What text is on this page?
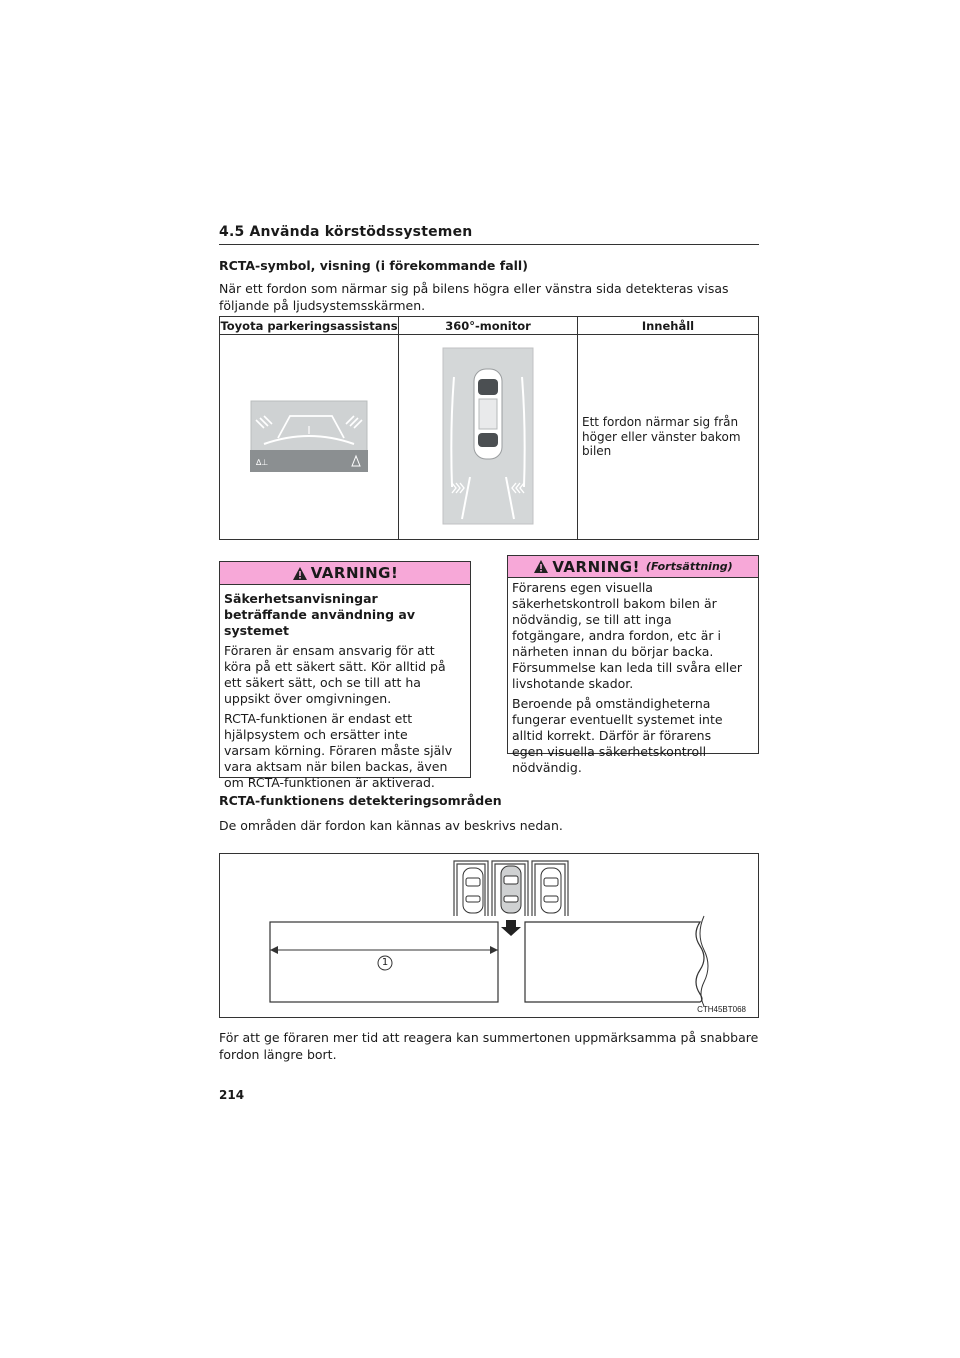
4.5 Använda körstödssystemen
RCTA-symbol, visning (i förekommande fall)
När ett fordon som närmar sig på bilens högra eller vänstra sida detekteras visas följande på ljudsystemsskärmen.
Toyota parkeringsassistans	360°-monitor	Innehåll

∆⊥		Ett fordon närmar sig från höger eller vänster bakom bilen
VARNING!
Säkerhetsanvisningar beträffande användning av systemet
Föraren är ensam ansvarig för att köra på ett säkert sätt. Kör alltid på ett säkert sätt, och se till att ha uppsikt över omgivningen.
RCTA-funktionen är endast ett hjälpsystem och ersätter inte varsam körning. Föraren måste själv vara aktsam när bilen backas, även om RCTA-funktionen är aktiverad.
VARNING! (Fortsättning)
Förarens egen visuella säkerhetskontroll bakom bilen är nödvändig, se till att inga fotgängare, andra fordon, etc är i närheten innan du börjar backa. Försummelse kan leda till svåra eller livshotande skador.
Beroende på omständigheterna fungerar eventuellt systemet inte alltid korrekt. Därför är förarens egen visuella säkerhetskontroll nödvändig.
RCTA-funktionens detekteringsområden
De områden där fordon kan kännas av beskrivs nedan.
1
CTH45BT068
För att ge föraren mer tid att reagera kan summertonen uppmärksamma på snabbare fordon längre bort.
214
